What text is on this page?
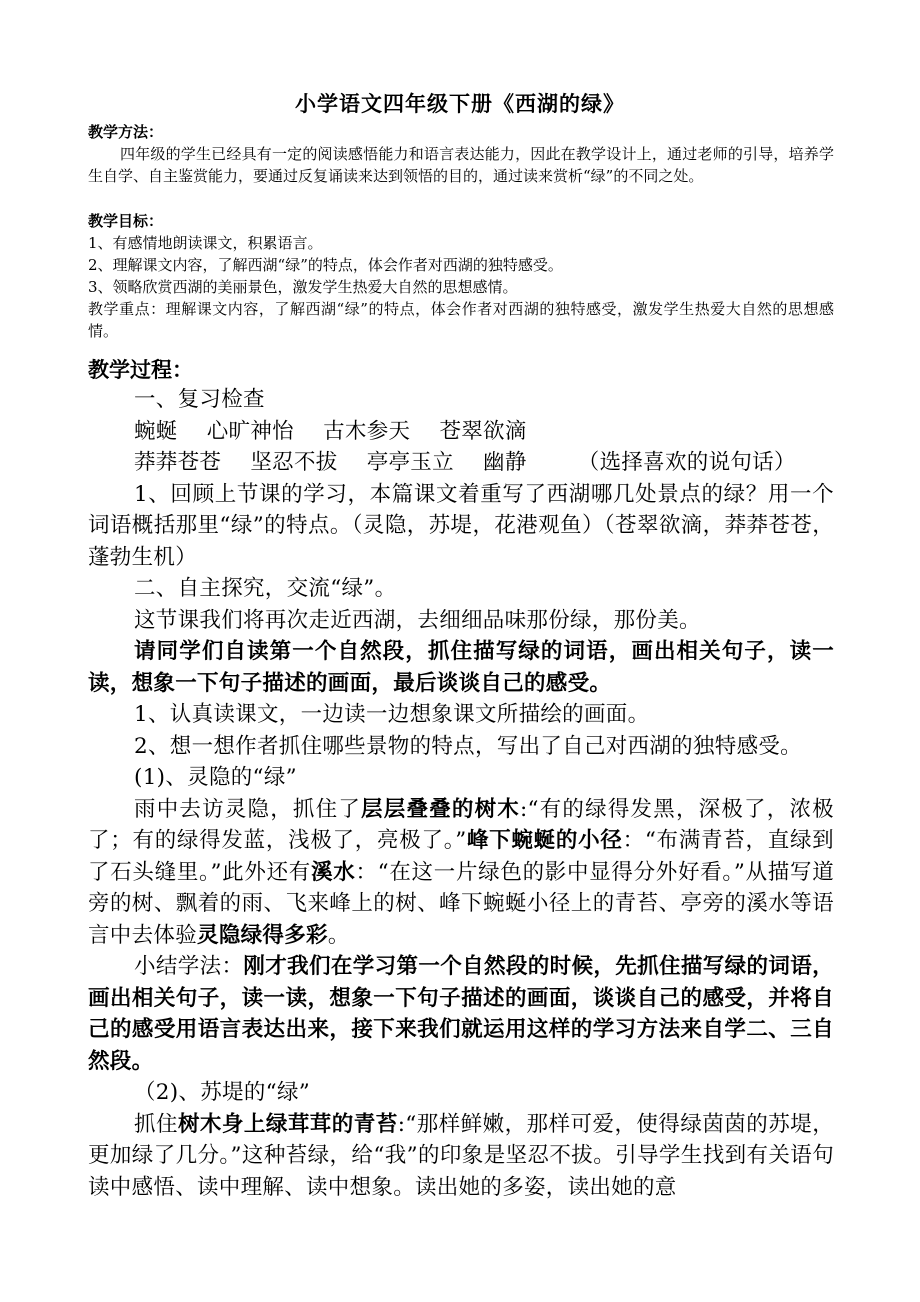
小学语文四年级下册《西湖的绿》
教学方法：
四年级的学生已经具有一定的阅读感悟能力和语言表达能力，因此在教学设计上，通过老师的引导，培养学生自学、自主鉴赏能力，要通过反复诵读来达到领悟的目的，通过读来赏析“绿”的不同之处。
教学目标：
1、有感情地朗读课文，积累语言。
2、理解课文内容，了解西湖“绿”的特点，体会作者对西湖的独特感受。
3、领略欣赏西湖的美丽景色，激发学生热爱大自然的思想感情。
教学重点：理解课文内容，了解西湖“绿”的特点，体会作者对西湖的独特感受，激发学生热爱大自然的思想感情。
教学过程：
一、复习检查
蜿蜒 心旷神怡 古木参天 苍翠欲滴
莽莽苍苍 坚忍不拔 亭亭玉立 幽静 （选择喜欢的说句话）
1、回顾上节课的学习，本篇课文着重写了西湖哪几处景点的绿？用一个词语概括那里“绿”的特点。（灵隐，苏堤，花港观鱼）（苍翠欲滴，莽莽苍苍，蓬勃生机）
二、自主探究，交流“绿”。
这节课我们将再次走近西湖，去细细品味那份绿，那份美。
请同学们自读第一个自然段，抓住描写绿的词语，画出相关句子，读一读，想象一下句子描述的画面，最后谈谈自己的感受。
1、认真读课文，一边读一边想象课文所描绘的画面。
2、想一想作者抓住哪些景物的特点，写出了自己对西湖的独特感受。
(1)、灵隐的“绿”
雨中去访灵隐，抓住了层层叠叠的树木:“有的绿得发黑，深极了，浓极了；有的绿得发蓝，浅极了，亮极了。”峰下蜿蜒的小径：“布满青苔，直绿到了石头缝里。”此外还有溪水：“在这一片绿色的影中显得分外好看。”从描写道旁的树、飘着的雨、飞来峰上的树、峰下蜿蜒小径上的青苔、亭旁的溪水等语言中去体验灵隐绿得多彩。
小结学法：刚才我们在学习第一个自然段的时候，先抓住描写绿的词语，画出相关句子，读一读，想象一下句子描述的画面，谈谈自己的感受，并将自己的感受用语言表达出来，接下来我们就运用这样的学习方法来自学二、三自然段。
（2)、苏堤的“绿”
抓住树木身上绿茸茸的青苔:“那样鲜嫩，那样可爱，使得绿茵茵的苏堤，更加绿了几分。”这种苔绿，给“我”的印象是坚忍不拔。引导学生找到有关语句读中感悟、读中理解、读中想象。读出她的多姿，读出她的意
